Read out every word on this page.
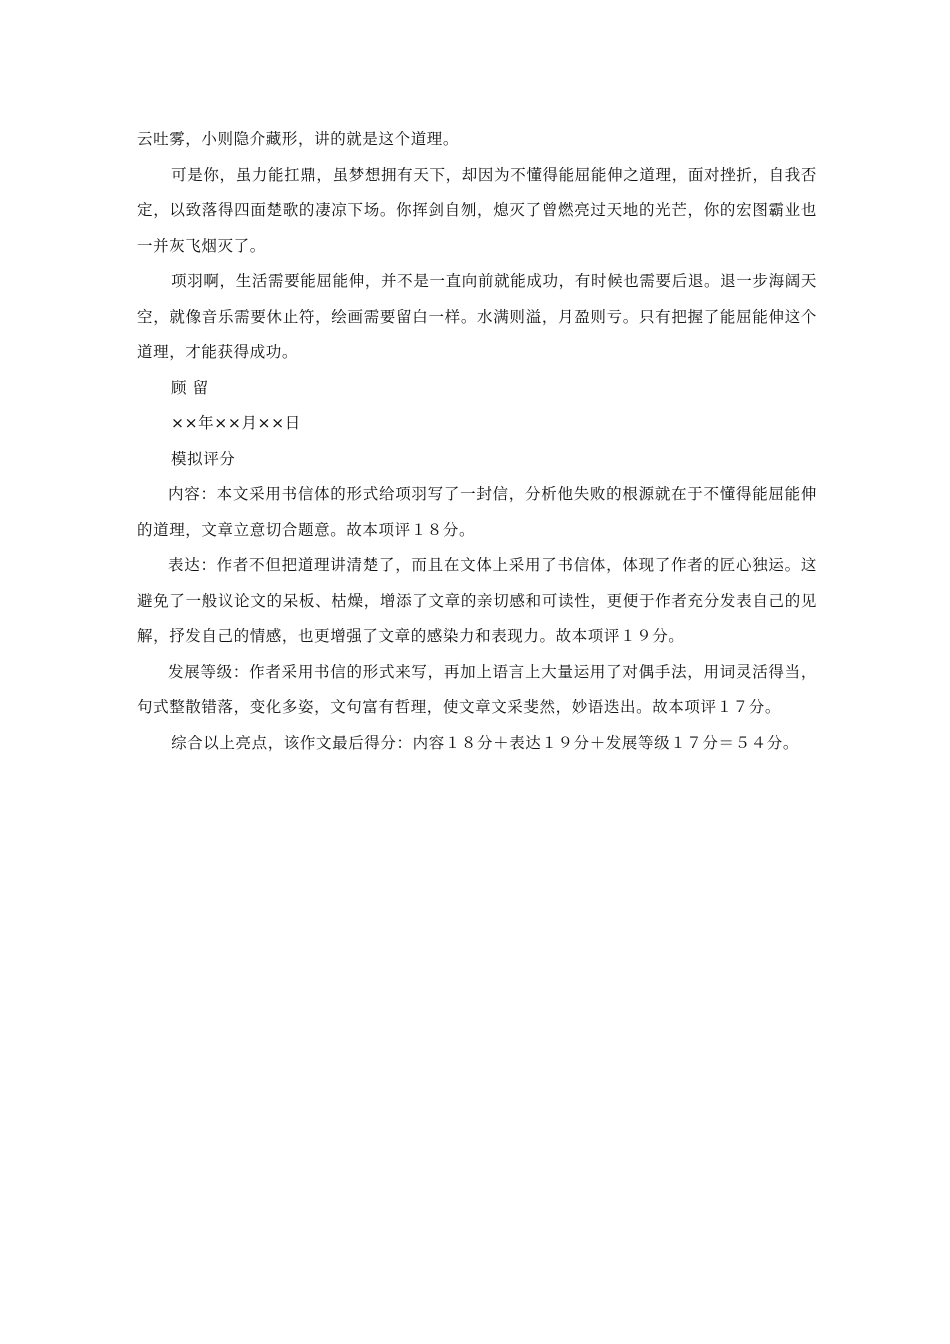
云吐雾，小则隐介藏形，讲的就是这个道理。

可是你，虽力能扛鼎，虽梦想拥有天下，却因为不懂得能屈能伸之道理，面对挫折，自我否定，以致落得四面楚歌的凄凉下场。你挥剑自刎，熄灭了曾燃亮过天地的光芒，你的宏图霸业也一并灰飞烟灭了。

项羽啊，生活需要能屈能伸，并不是一直向前就能成功，有时候也需要后退。退一步海阔天空，就像音乐需要休止符，绘画需要留白一样。水满则溢，月盈则亏。只有把握了能屈能伸这个道理，才能获得成功。

顾 留

××年××月××日

模拟评分

内容：本文采用书信体的形式给项羽写了一封信，分析他失败的根源就在于不懂得能屈能伸的道理，文章立意切合题意。故本项评１８分。

表达：作者不但把道理讲清楚了，而且在文体上采用了书信体，体现了作者的匠心独运。这避免了一般议论文的呆板、枯燥，增添了文章的亲切感和可读性，更便于作者充分发表自己的见解，抒发自己的情感，也更增强了文章的感染力和表现力。故本项评１９分。

发展等级：作者采用书信的形式来写，再加上语言上大量运用了对偶手法，用词灵活得当，句式整散错落，变化多姿，文句富有哲理，使文章文采斐然，妙语迭出。故本项评１７分。

综合以上亮点，该作文最后得分：内容１８分＋表达１９分＋发展等级１７分＝５４分。
